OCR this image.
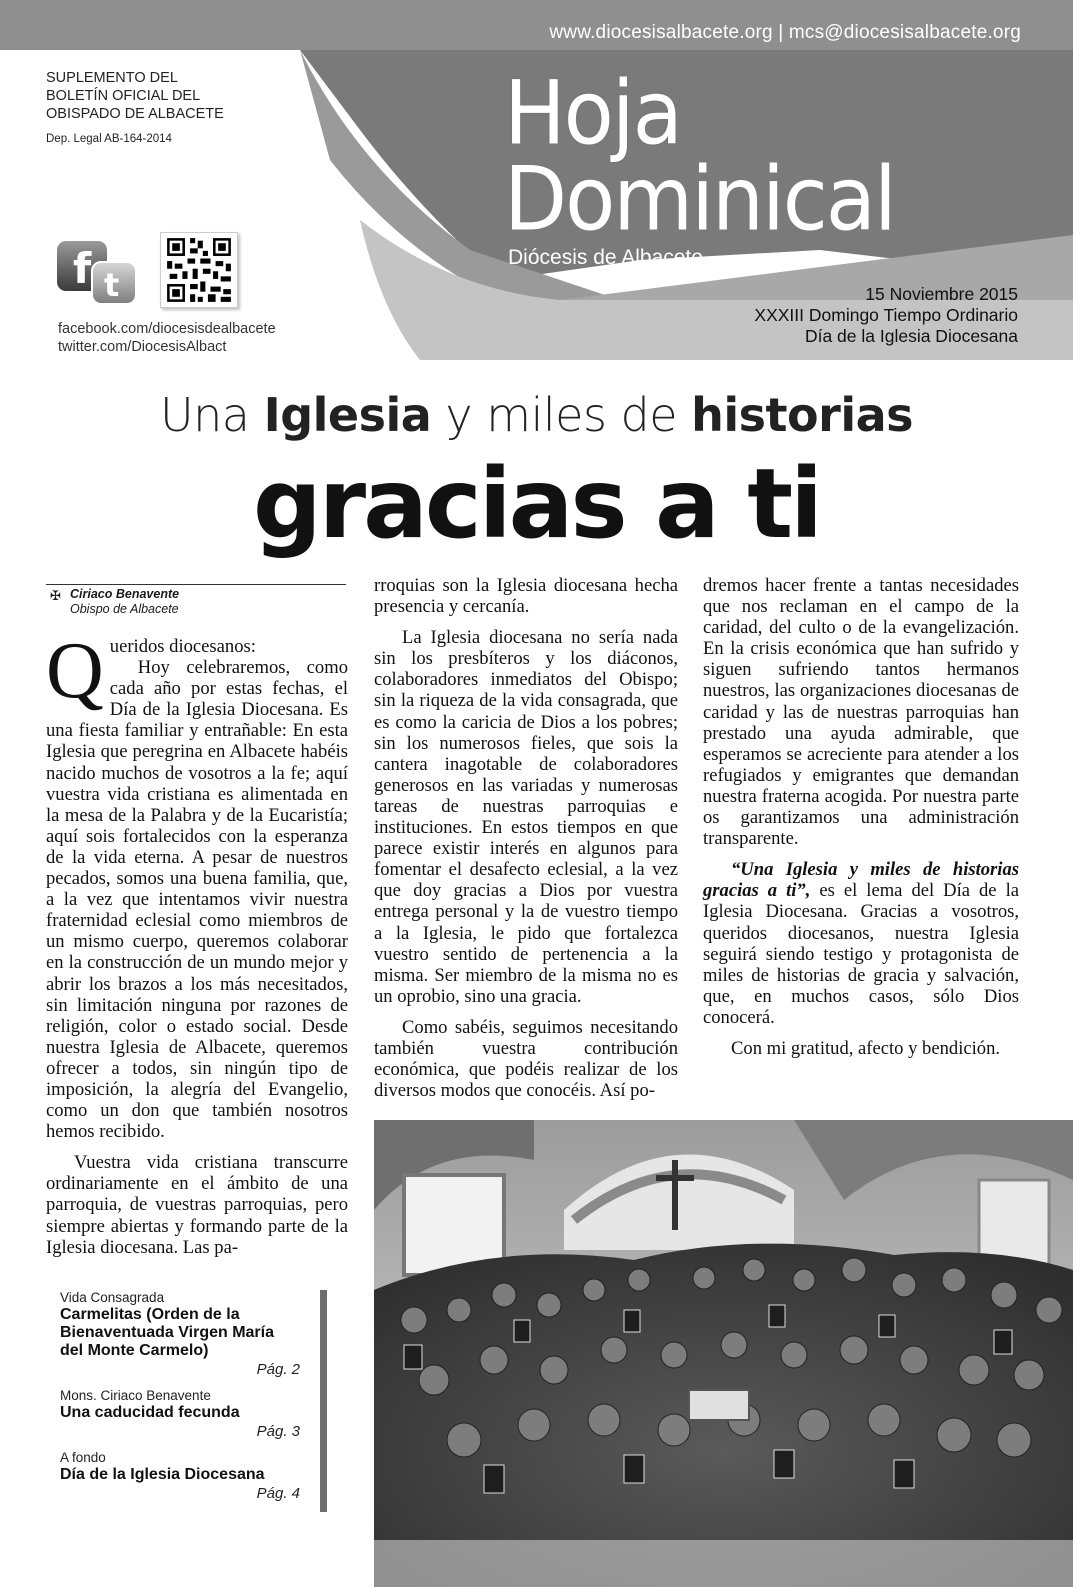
www.diocesisalbacete.org | mcs@diocesisalbacete.org
SUPLEMENTO DEL
BOLETÍN OFICIAL DEL
OBISPADO DE ALBACETE
Dep. Legal AB-164-2014
f t
facebook.com/diocesisdealbacete
twitter.com/DiocesisAlbact
Hoja
Dominical
Diócesis de Albacete
15 Noviembre 2015
XXXIII Domingo Tiempo Ordinario
Día de la Iglesia Diocesana
Una Iglesia y miles de historias
gracias a ti
✠ Ciriaco Benavente
Obispo de Albacete
Q ueridos diocesanos:

Hoy celebraremos, como cada año por estas fechas, el Día de la Iglesia Diocesana. Es una fiesta familiar y entrañable: En esta Iglesia que peregrina en Albacete habéis nacido muchos de vosotros a la fe; aquí vuestra vida cristiana es alimentada en la mesa de la Palabra y de la Eucaristía; aquí sois fortalecidos con la esperanza de la vida eterna. A pesar de nuestros pecados, somos una buena familia, que, a la vez que intentamos vivir nuestra fraternidad eclesial como miembros de un mismo cuerpo, queremos colaborar en la construcción de un mundo mejor y abrir los brazos a los más necesitados, sin limitación ninguna por razones de religión, color o estado social. Desde nuestra Iglesia de Albacete, queremos ofrecer a todos, sin ningún tipo de imposición, la alegría del Evangelio, como un don que también nosotros hemos recibido.

Vuestra vida cristiana transcurre ordinariamente en el ámbito de una parroquia, de vuestras parroquias, pero siempre abiertas y formando parte de la Iglesia diocesana. Las pa-

rroquias son la Iglesia diocesana hecha presencia y cercanía.

La Iglesia diocesana no sería nada sin los presbíteros y los diáconos, colaboradores inmediatos del Obispo; sin la riqueza de la vida consagrada, que es como la caricia de Dios a los pobres; sin los numerosos fieles, que sois la cantera inagotable de colaboradores generosos en las variadas y numerosas tareas de nuestras parroquias e instituciones. En estos tiempos en que parece existir interés en algunos para fomentar el desafecto eclesial, a la vez que doy gracias a Dios por vuestra entrega personal y la de vuestro tiempo a la Iglesia, le pido que fortalezca vuestro sentido de pertenencia a la misma. Ser miembro de la misma no es un oprobio, sino una gracia.

Como sabéis, seguimos necesitando también vuestra contribución económica, que podéis realizar de los diversos modos que conocéis. Así po-

dremos hacer frente a tantas necesidades que nos reclaman en el campo de la caridad, del culto o de la evangelización. En la crisis económica que han sufrido y siguen sufriendo tantos hermanos nuestros, las organizaciones diocesanas de caridad y las de nuestras parroquias han prestado una ayuda admirable, que esperamos se acreciente para atender a los refugiados y emigrantes que demandan nuestra fraterna acogida. Por nuestra parte os garantizamos una administración transparente.

“Una Iglesia y miles de historias gracias a ti”, es el lema del Día de la Iglesia Diocesana. Gracias a vosotros, queridos diocesanos, nuestra Iglesia seguirá siendo testigo y protagonista de miles de historias de gracia y salvación, que, en muchos casos, sólo Dios conocerá.

Con mi gratitud, afecto y bendición.

Vida Consagrada
Carmelitas (Orden de la Bienaventuada Virgen María del Monte Carmelo)
Pág. 2
Mons. Ciriaco Benavente
Una caducidad fecunda
Pág. 3
A fondo
Día de la Iglesia Diocesana
Pág. 4
